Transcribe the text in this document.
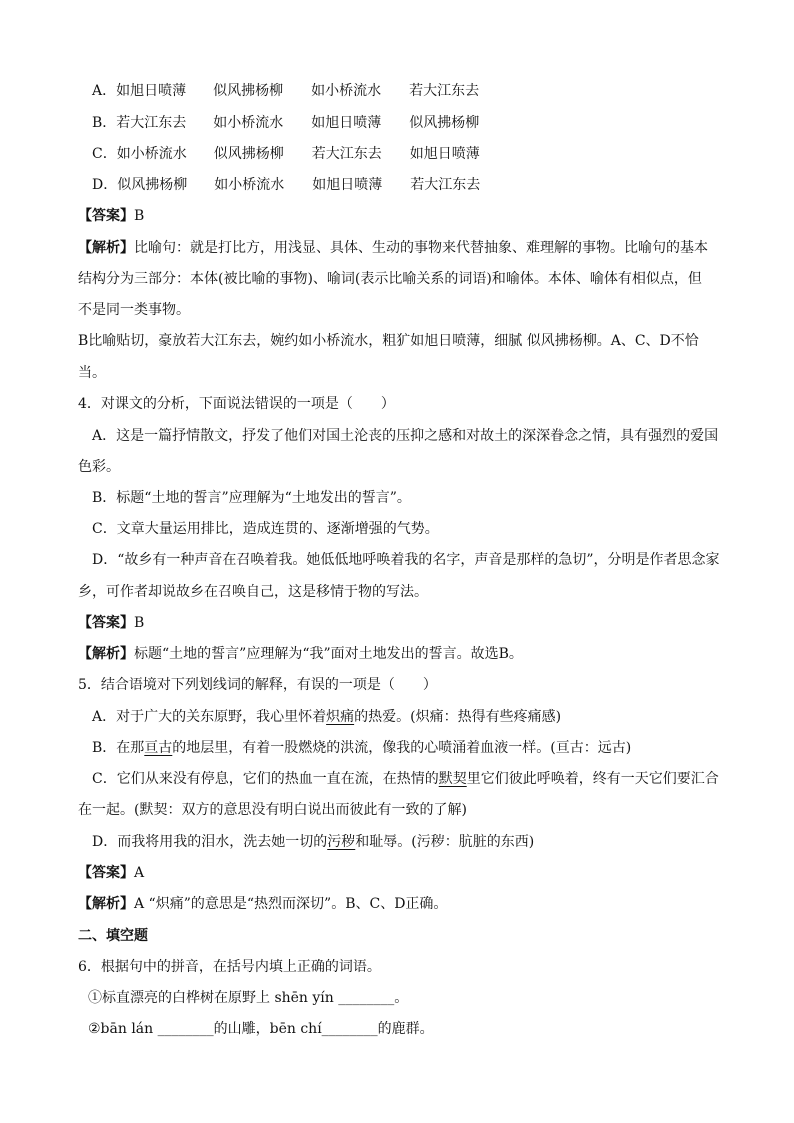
A．如旭日喷薄 似风拂杨柳 如小桥流水 若大江东去
B．若大江东去 如小桥流水 如旭日喷薄 似风拂杨柳
C．如小桥流水 似风拂杨柳 若大江东去 如旭日喷薄
D．似风拂杨柳 如小桥流水 如旭日喷薄 若大江东去
【答案】B
【解析】比喻句：就是打比方，用浅显、具体、生动的事物来代替抽象、难理解的事物。比喻句的基本
结构分为三部分：本体(被比喻的事物)、喻词(表示比喻关系的词语)和喻体。本体、喻体有相似点，但
不是同一类事物。
B比喻贴切，豪放若大江东去，婉约如小桥流水，粗犷如旭日喷薄，细腻 似风拂杨柳。A、C、D不恰
当。
4．对课文的分析，下面说法错误的一项是（　　）
A．这是一篇抒情散文，抒发了他们对国土沦丧的压抑之感和对故土的深深眷念之情，具有强烈的爱国
色彩。
B．标题“土地的誓言”应理解为“土地发出的誓言”。
C．文章大量运用排比，造成连贯的、逐渐增强的气势。
D．“故乡有一种声音在召唤着我。她低低地呼唤着我的名字，声音是那样的急切”，分明是作者思念家
乡，可作者却说故乡在召唤自己，这是移情于物的写法。
【答案】B
【解析】标题“土地的誓言”应理解为“我”面对土地发出的誓言。故选B。
5．结合语境对下列划线词的解释，有误的一项是（　　）
A．对于广大的关东原野，我心里怀着炽痛的热爱。(炽痛：热得有些疼痛感)
B．在那亘古的地层里，有着一股燃烧的洪流，像我的心喷涌着血液一样。(亘古：远古)
C．它们从来没有停息，它们的热血一直在流，在热情的默契里它们彼此呼唤着，终有一天它们要汇合
在一起。(默契：双方的意思没有明白说出而彼此有一致的了解)
D．而我将用我的泪水，洗去她一切的污秽和耻辱。(污秽：肮脏的东西)
【答案】A
【解析】A “炽痛”的意思是“热烈而深切”。B、C、D正确。
二、填空题
6．根据句中的拼音，在括号内填上正确的词语。
①标直漂亮的白桦树在原野上 shēn yín ________。
②bān lán ________的山雕，bēn chí________的鹿群。
